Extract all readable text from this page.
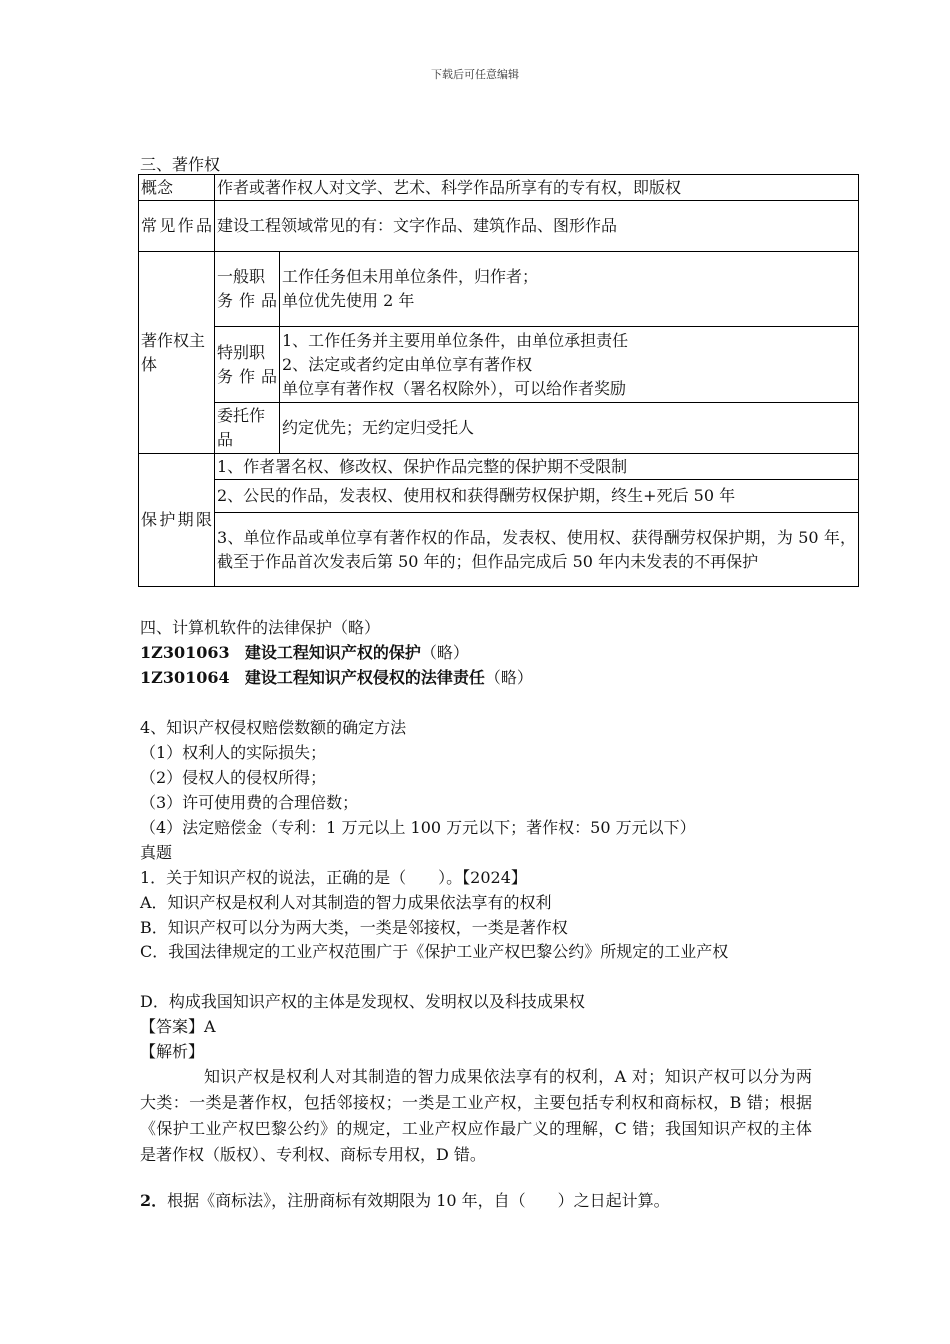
下载后可任意编辑
三、著作权
概念	作者或著作权人对文学、艺术、科学作品所享有的专有权，即版权	
常见作品	建设工程领域常见的有：文字作品、建筑作品、图形作品	
著作权主体	一般职务作品	工作任务但未用单位条件，归作者；
单位优先使用 2 年

	特别职务作品	1、工作任务并主要用单位条件，由单位承担责任
2、法定或者约定由单位享有著作权
单位享有著作权（署名权除外），可以给作者奖励

	委托作品	约定优先；无约定归受托人
保护期限	1、作者署名权、修改权、保护作品完整的保护期不受限制	
	2、公民的作品，发表权、使用权和获得酬劳权保护期，终生+死后 50 年	
	3、单位作品或单位享有著作权的作品，发表权、使用权、获得酬劳权保护期，为 50 年，截至于作品首次发表后第 50 年的；但作品完成后 50 年内未发表的不再保护	
四、计算机软件的法律保护（略）
1Z301063 建设工程知识产权的保护（略）
1Z301064 建设工程知识产权侵权的法律责任（略）
4、知识产权侵权赔偿数额的确定方法
（1）权利人的实际损失；
（2）侵权人的侵权所得；
（3）许可使用费的合理倍数；
（4）法定赔偿金（专利：1 万元以上 100 万元以下；著作权：50 万元以下）
真题
1．关于知识产权的说法，正确的是（　　）。【2024】
A．知识产权是权利人对其制造的智力成果依法享有的权利
B．知识产权可以分为两大类，一类是邻接权，一类是著作权
C．我国法律规定的工业产权范围广于《保护工业产权巴黎公约》所规定的工业产权
D．构成我国知识产权的主体是发现权、发明权以及科技成果权
【答案】A
【解析】
知识产权是权利人对其制造的智力成果依法享有的权利，A 对；知识产权可以分为两大类：一类是著作权，包括邻接权；一类是工业产权，主要包括专利权和商标权，B 错；根据《保护工业产权巴黎公约》的规定，工业产权应作最广义的理解，C 错；我国知识产权的主体是著作权（版权）、专利权、商标专用权，D 错。
2．根据《商标法》，注册商标有效期限为 10 年，自（　　）之日起计算。
